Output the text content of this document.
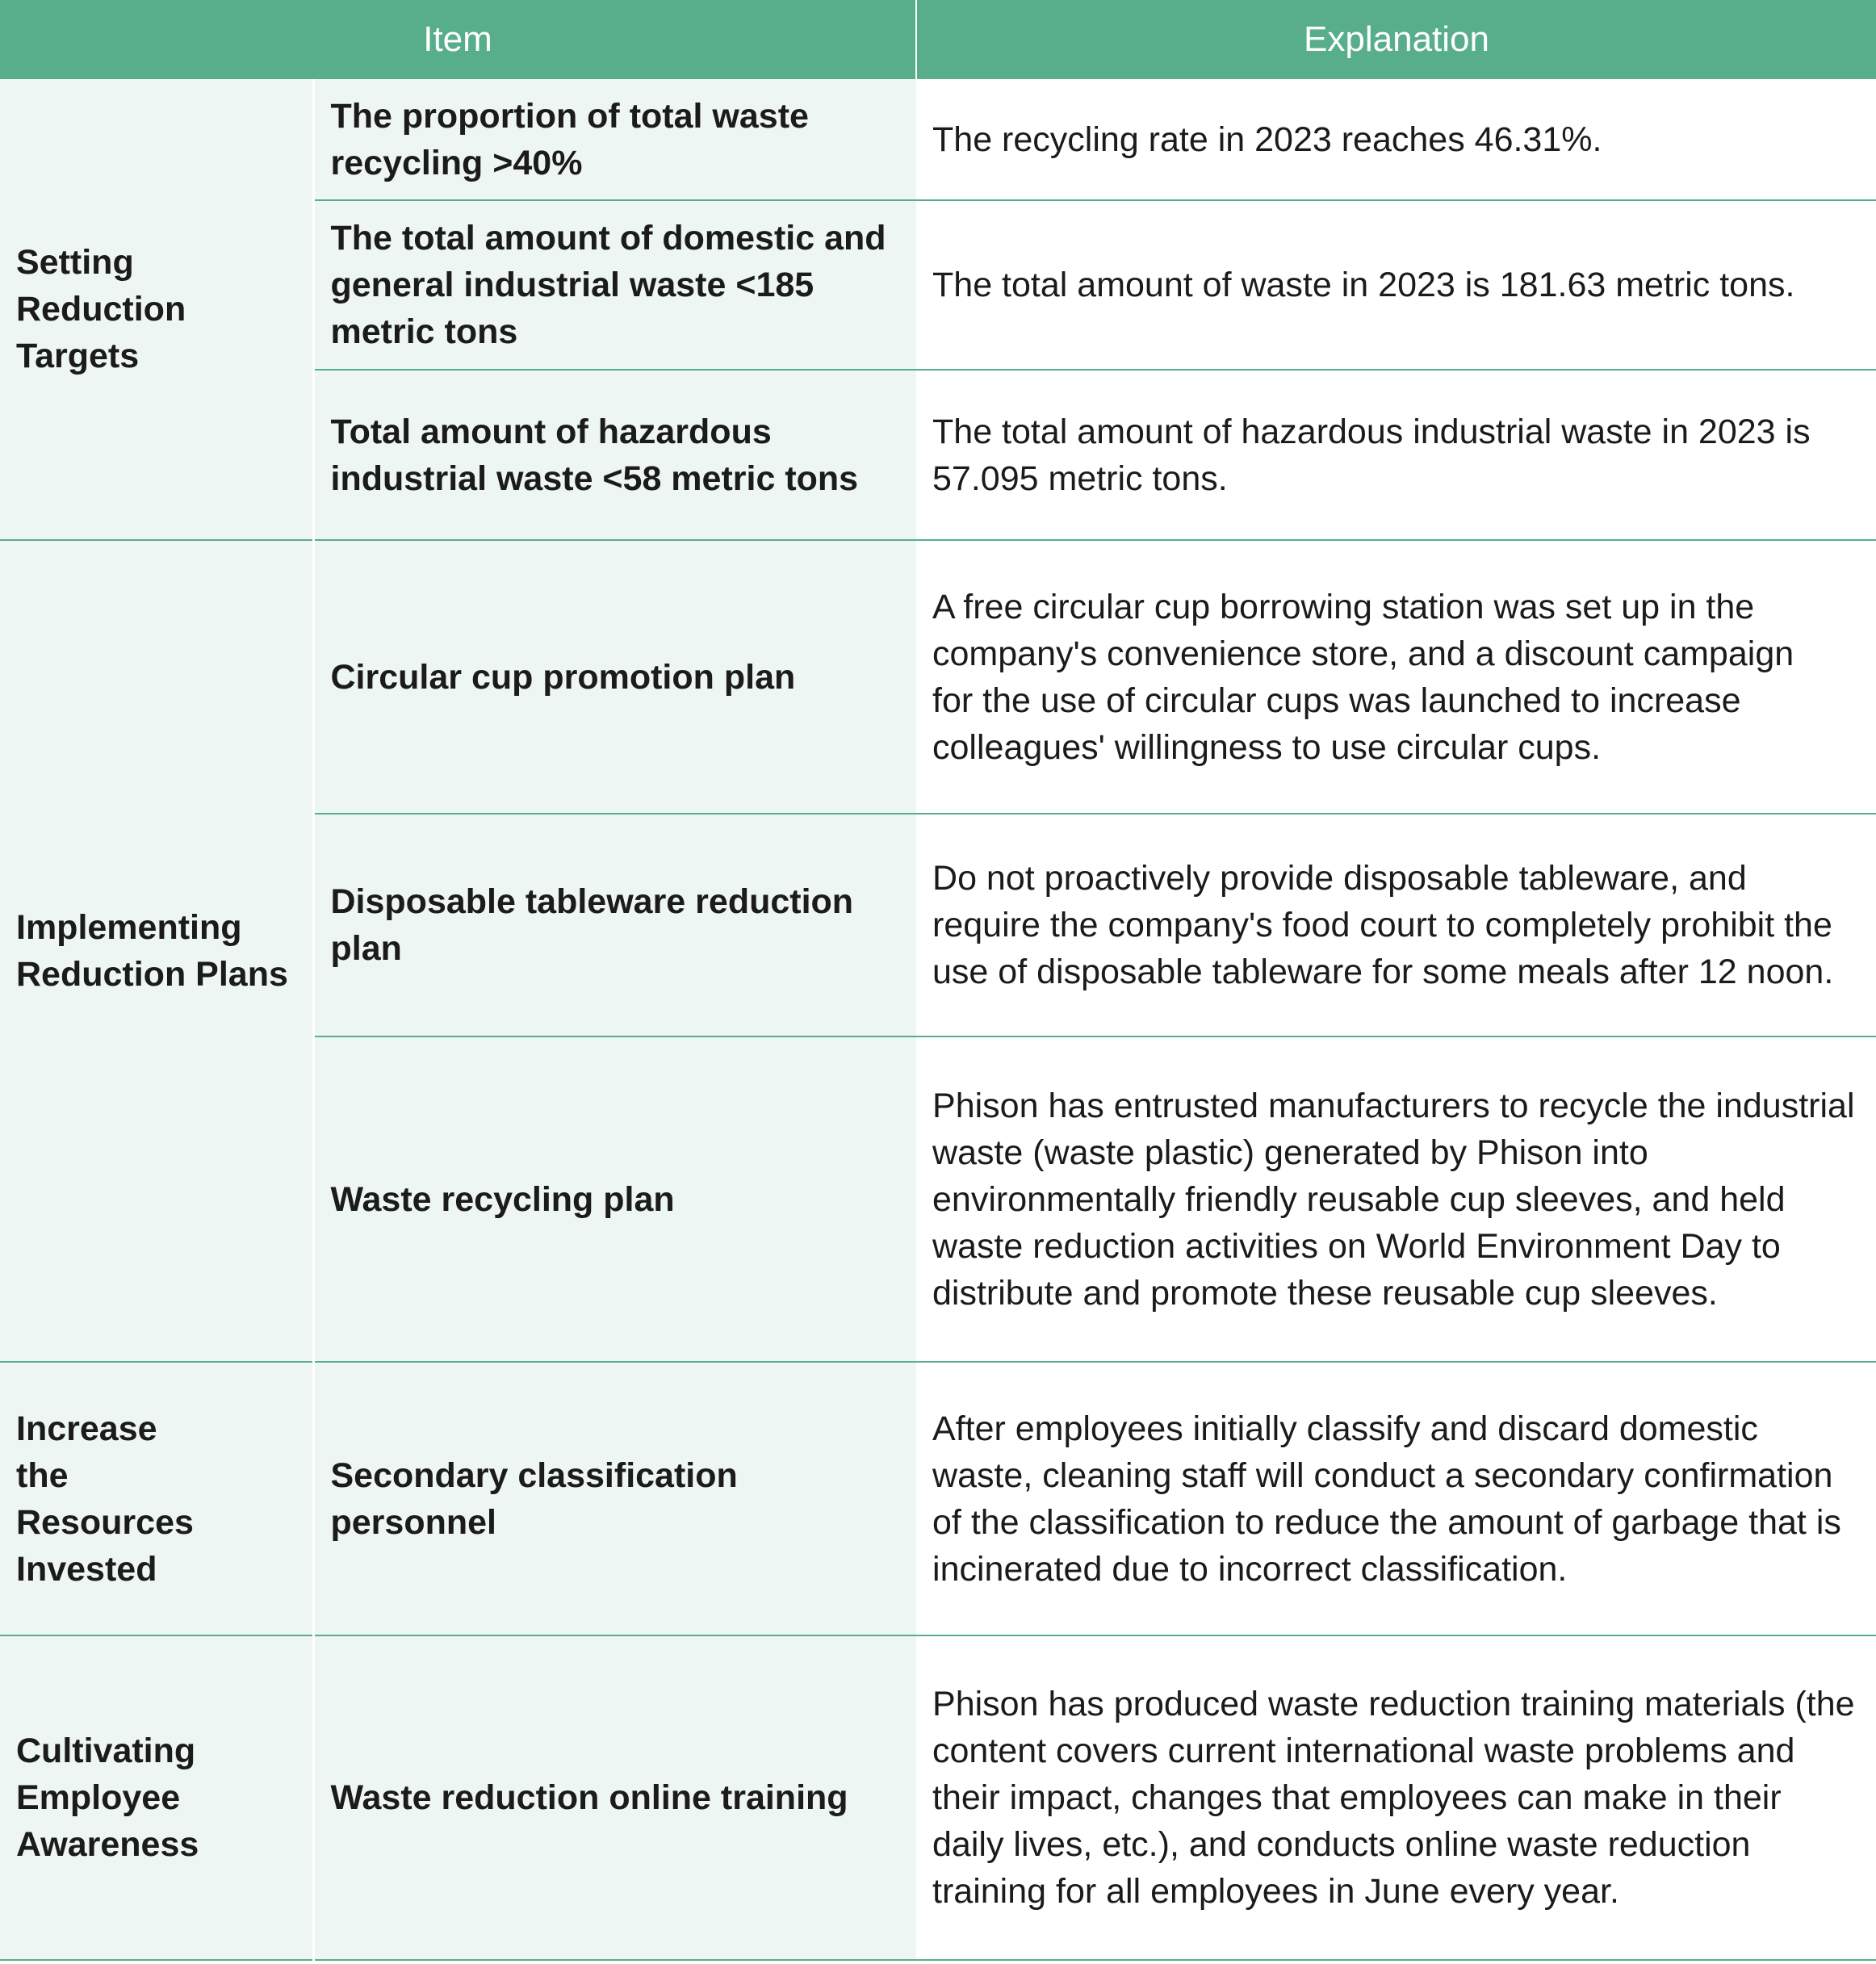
Item		Explanation
Setting Reduction Targets	The proportion of total waste recycling >40%	The recycling rate in 2023 reaches 46.31%.
	The total amount of domestic and general industrial waste <185 metric tons	The total amount of waste in 2023 is 181.63 metric tons.
	Total amount of hazardous industrial waste <58 metric tons	The total amount of hazardous industrial waste in 2023 is 57.095 metric tons.
Implementing Reduction Plans	Circular cup promotion plan	A free circular cup borrowing station was set up in the company's convenience store, and a discount campaign for the use of circular cups was launched to increase colleagues' willingness to use circular cups.
	Disposable tableware reduction plan	Do not proactively provide disposable tableware, and require the company's food court to completely prohibit the use of disposable tableware for some meals after 12 noon.
	Waste recycling plan	Phison has entrusted manufacturers to recycle the industrial waste (waste plastic) generated by Phison into environmentally friendly reusable cup sleeves, and held waste reduction activities on World Environment Day to distribute and promote these reusable cup sleeves.
Increase the Resources Invested	Secondary classification personnel	After employees initially classify and discard domestic waste, cleaning staff will conduct a secondary confirmation of the classification to reduce the amount of garbage that is incinerated due to incorrect classification.
Cultivating Employee Awareness	Waste reduction online training	Phison has produced waste reduction training materials (the content covers current international waste problems and their impact, changes that employees can make in their daily lives, etc.), and conducts online waste reduction training for all employees in June every year.
